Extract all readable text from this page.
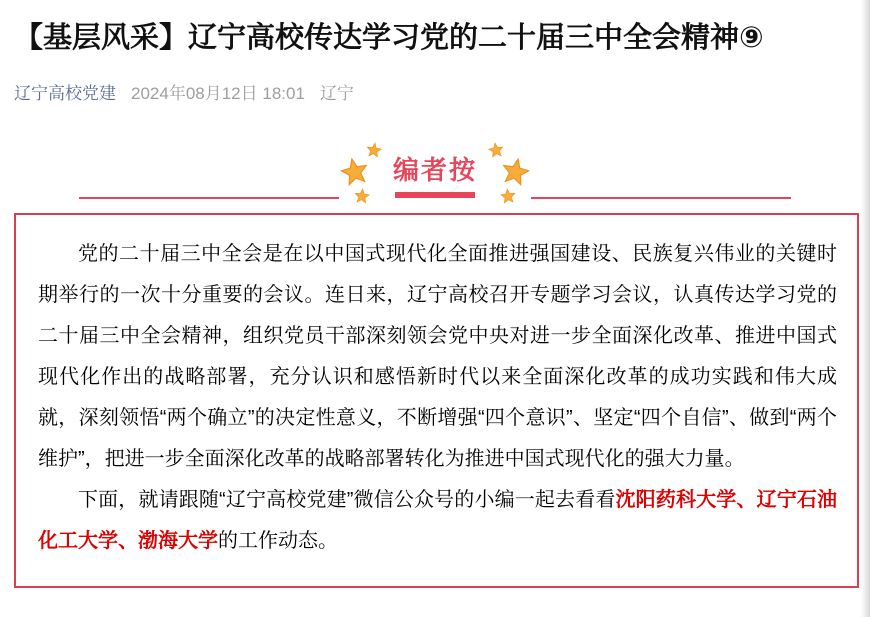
【基层风采】辽宁高校传达学习党的二十届三中全会精神⑨
辽宁高校党建 2024年08月12日 18:01 辽宁
编者按

党的二十届三中全会是在以中国式现代化全面推进强国建设、民族复兴伟业的关键时期举行的一次十分重要的会议。连日来，辽宁高校召开专题学习会议，认真传达学习党的二十届三中全会精神，组织党员干部深刻领会党中央对进一步全面深化改革、推进中国式现代化作出的战略部署，充分认识和感悟新时代以来全面深化改革的成功实践和伟大成就，深刻领悟“两个确立”的决定性意义，不断增强“四个意识”、坚定“四个自信”、做到“两个维护”，把进一步全面深化改革的战略部署转化为推进中国式现代化的强大力量。

下面，就请跟随“辽宁高校党建”微信公众号的小编一起去看看沈阳药科大学、辽宁石油化工大学、渤海大学的工作动态。
